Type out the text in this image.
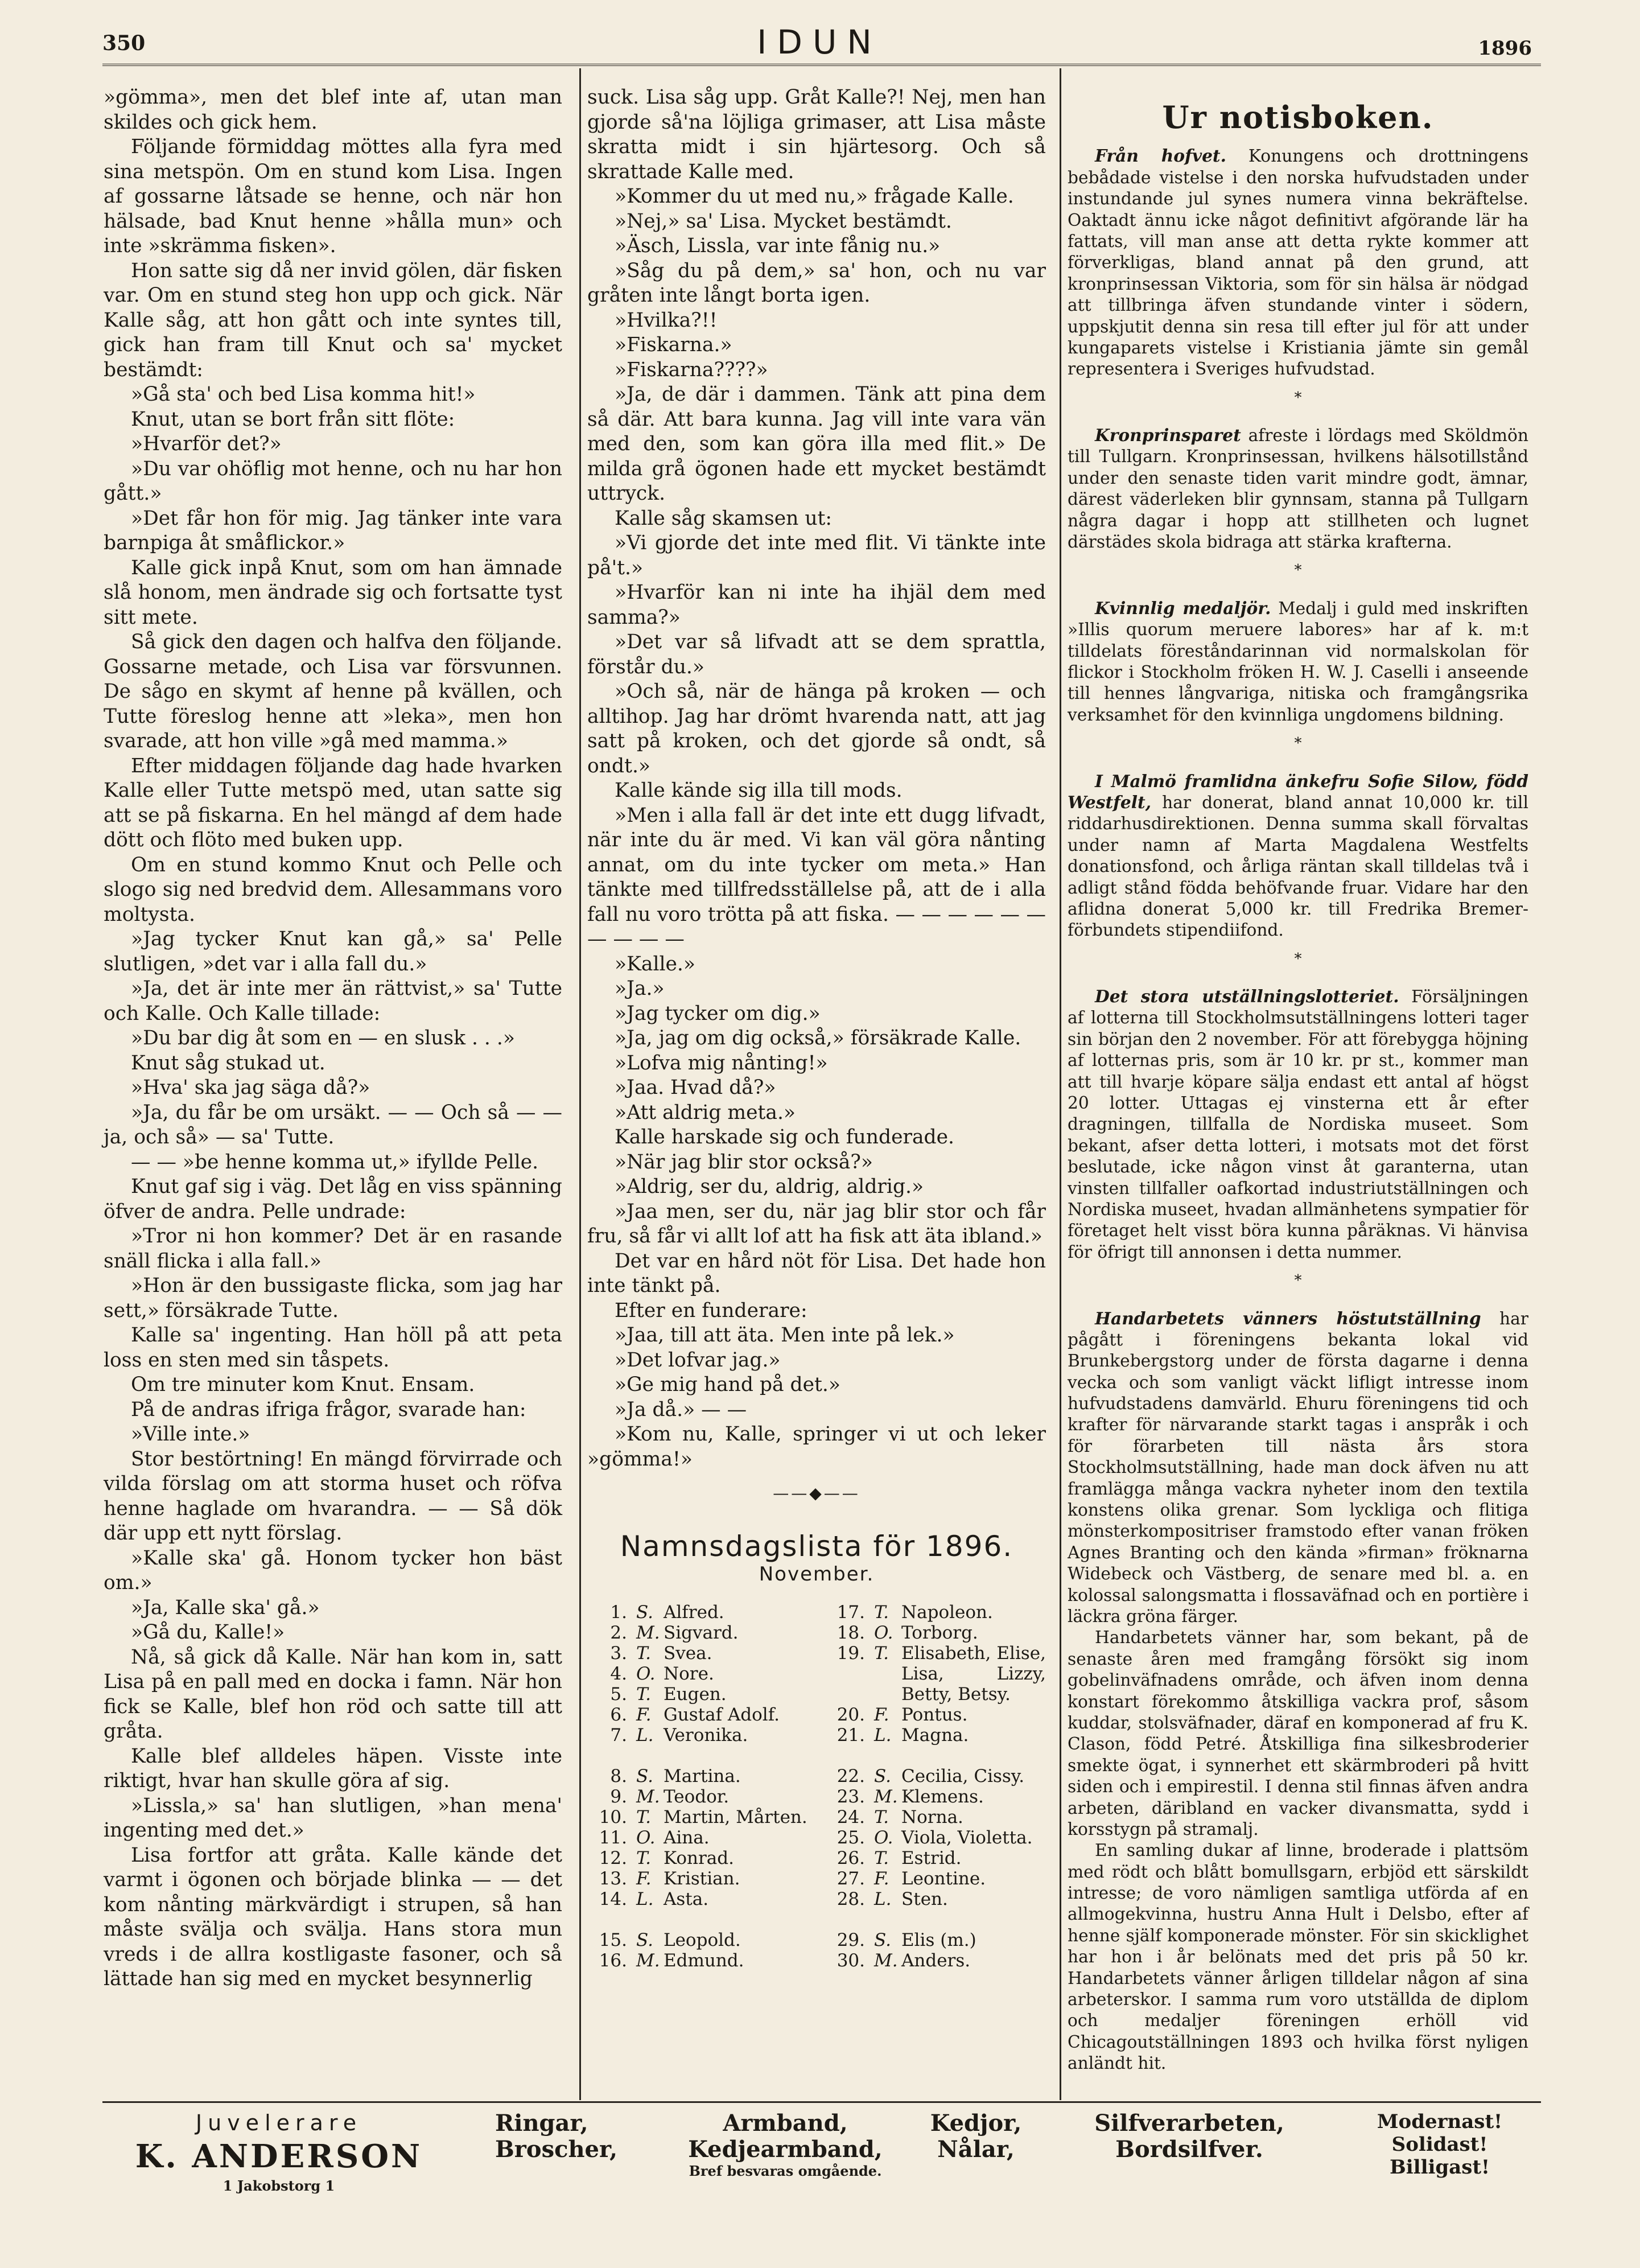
350	IDUN	1896

»gömma», men det blef inte af, utan man skildes och gick hem.

Följande förmiddag möttes alla fyra med sina metspön. Om en stund kom Lisa. Ingen af gossarne låtsade se henne, och när hon hälsade, bad Knut henne »hålla mun» och inte »skrämma fisken».

Hon satte sig då ner invid gölen, där fisken var. Om en stund steg hon upp och gick. När Kalle såg, att hon gått och inte syntes till, gick han fram till Knut och sa' mycket bestämdt:

»Gå sta' och bed Lisa komma hit!»

Knut, utan se bort från sitt flöte:

»Hvarför det?»

»Du var ohöflig mot henne, och nu har hon gått.»

»Det får hon för mig. Jag tänker inte vara barnpiga åt småflickor.»

Kalle gick inpå Knut, som om han ämnade slå honom, men ändrade sig och fortsatte tyst sitt mete.

Så gick den dagen och halfva den följande. Gossarne metade, och Lisa var försvunnen. De sågo en skymt af henne på kvällen, och Tutte föreslog henne att »leka», men hon svarade, att hon ville »gå med mamma.»

Efter middagen följande dag hade hvarken Kalle eller Tutte metspö med, utan satte sig att se på fiskarna. En hel mängd af dem hade dött och flöto med buken upp.

Om en stund kommo Knut och Pelle och slogo sig ned bredvid dem. Allesammans voro moltysta.

»Jag tycker Knut kan gå,» sa' Pelle slutligen, »det var i alla fall du.»

»Ja, det är inte mer än rättvist,» sa' Tutte och Kalle. Och Kalle tillade:

»Du bar dig åt som en — en slusk . . .»

Knut såg stukad ut.

»Hva' ska jag säga då?»

»Ja, du får be om ursäkt. — — Och så — — ja, och så» — sa' Tutte.

— — »be henne komma ut,» ifyllde Pelle.

Knut gaf sig i väg. Det låg en viss spänning öfver de andra. Pelle undrade:

»Tror ni hon kommer? Det är en rasande snäll flicka i alla fall.»

»Hon är den bussigaste flicka, som jag har sett,» försäkrade Tutte.

Kalle sa' ingenting. Han höll på att peta loss en sten med sin tåspets.

Om tre minuter kom Knut. Ensam.

På de andras ifriga frågor, svarade han:

»Ville inte.»

Stor bestörtning! En mängd förvirrade och vilda förslag om att storma huset och röfva henne haglade om hvarandra. — — Så dök där upp ett nytt förslag.

»Kalle ska' gå. Honom tycker hon bäst om.»

»Ja, Kalle ska' gå.»

»Gå du, Kalle!»

Nå, så gick då Kalle. När han kom in, satt Lisa på en pall med en docka i famn. När hon fick se Kalle, blef hon röd och satte till att gråta.

Kalle blef alldeles häpen. Visste inte riktigt, hvar han skulle göra af sig.

»Lissla,» sa' han slutligen, »han mena' ingenting med det.»

Lisa fortfor att gråta. Kalle kände det varmt i ögonen och började blinka — — det kom nånting märkvärdigt i strupen, så han måste svälja och svälja. Hans stora mun vreds i de allra kostligaste fasoner, och så lättade han sig med en mycket besynnerlig

suck. Lisa såg upp. Gråt Kalle?! Nej, men han gjorde så'na löjliga grimaser, att Lisa måste skratta midt i sin hjärtesorg. Och så skrattade Kalle med.

»Kommer du ut med nu,» frågade Kalle.

»Nej,» sa' Lisa. Mycket bestämdt.

»Äsch, Lissla, var inte fånig nu.»

»Såg du på dem,» sa' hon, och nu var gråten inte långt borta igen.

»Hvilka?!!

»Fiskarna.»

»Fiskarna????»

»Ja, de där i dammen. Tänk att pina dem så där. Att bara kunna. Jag vill inte vara vän med den, som kan göra illa med flit.» De milda grå ögonen hade ett mycket bestämdt uttryck.

Kalle såg skamsen ut:

»Vi gjorde det inte med flit. Vi tänkte inte på't.»

»Hvarför kan ni inte ha ihjäl dem med samma?»

»Det var så lifvadt att se dem sprattla, förstår du.»

»Och så, när de hänga på kroken — och alltihop. Jag har drömt hvarenda natt, att jag satt på kroken, och det gjorde så ondt, så ondt.»

Kalle kände sig illa till mods.

»Men i alla fall är det inte ett dugg lifvadt, när inte du är med. Vi kan väl göra nånting annat, om du inte tycker om meta.» Han tänkte med tillfredsställelse på, att de i alla fall nu voro trötta på att fiska. — — — — — — — — — —

»Kalle.»

»Ja.»

»Jag tycker om dig.»

»Ja, jag om dig också,» försäkrade Kalle.

»Lofva mig nånting!»

»Jaa. Hvad då?»

»Att aldrig meta.»

Kalle harskade sig och funderade.

»När jag blir stor också?»

»Aldrig, ser du, aldrig, aldrig.»

»Jaa men, ser du, när jag blir stor och får fru, så får vi allt lof att ha fisk att äta ibland.»

Det var en hård nöt för Lisa. Det hade hon inte tänkt på.

Efter en funderare:

»Jaa, till att äta. Men inte på lek.»

»Det lofvar jag.»

»Ge mig hand på det.»

»Ja då.» — —

»Kom nu, Kalle, springer vi ut och leker »gömma!»

——◆——
Namnsdagslista för 1896.
November.
1. S. Alfred.
2. M. Sigvard.
3. T. Svea.
4. O. Nore.
5. T. Eugen.
6. F. Gustaf Adolf.
7. L. Veronika.
8. S. Martina.
9. M. Teodor.
10. T. Martin, Mårten.
11. O. Aina.
12. T. Konrad.
13. F. Kristian.
14. L. Asta.
15. S. Leopold.
16. M. Edmund.
17. T. Napoleon.
18. O. Torborg.
19. T. Elisabeth, Elise, Lisa, Lizzy, Betty, Betsy.
20. F. Pontus.
21. L. Magna.
22. S. Cecilia, Cissy.
23. M. Klemens.
24. T. Norna.
25. O. Viola, Violetta.
26. T. Estrid.
27. F. Leontine.
28. L. Sten.
29. S. Elis (m.)
30. M. Anders.
Ur notisboken.

Från hofvet. Konungens och drottningens bebådade vistelse i den norska hufvudstaden under instundande jul synes numera vinna bekräftelse. Oaktadt ännu icke något definitivt afgörande lär ha fattats, vill man anse att detta rykte kommer att förverkligas, bland annat på den grund, att kronprinsessan Viktoria, som för sin hälsa är nödgad att tillbringa äfven stundande vinter i södern, uppskjutit denna sin resa till efter jul för att under kungaparets vistelse i Kristiania jämte sin gemål representera i Sveriges hufvudstad.

*

Kronprinsparet afreste i lördags med Sköldmön till Tullgarn. Kronprinsessan, hvilkens hälsotillstånd under den senaste tiden varit mindre godt, ämnar, därest väderleken blir gynnsam, stanna på Tullgarn några dagar i hopp att stillheten och lugnet därstädes skola bidraga att stärka krafterna.

*

Kvinnlig medaljör. Medalj i guld med inskriften »Illis quorum meruere labores» har af k. m:t tilldelats föreståndarinnan vid normalskolan för flickor i Stockholm fröken H. W. J. Caselli i anseende till hennes långvariga, nitiska och framgångsrika verksamhet för den kvinnliga ungdomens bildning.

*

I Malmö framlidna änkefru Sofie Silow, född Westfelt, har donerat, bland annat 10,000 kr. till riddarhusdirektionen. Denna summa skall förvaltas under namn af Marta Magdalena Westfelts donationsfond, och årliga räntan skall tilldelas två i adligt stånd födda behöfvande fruar. Vidare har den aflidna donerat 5,000 kr. till Fredrika Bremer-förbundets stipendiifond.

*

Det stora utställningslotteriet. Försäljningen af lotterna till Stockholmsutställningens lotteri tager sin början den 2 november. För att förebygga höjning af lotternas pris, som är 10 kr. pr st., kommer man att till hvarje köpare sälja endast ett antal af högst 20 lotter. Uttagas ej vinsterna ett år efter dragningen, tillfalla de Nordiska museet. Som bekant, afser detta lotteri, i motsats mot det först beslutade, icke någon vinst åt garanterna, utan vinsten tillfaller oafkortad industriutställningen och Nordiska museet, hvadan allmänhetens sympatier för företaget helt visst böra kunna påräknas. Vi hänvisa för öfrigt till annonsen i detta nummer.

*

Handarbetets vänners höstutställning har pågått i föreningens bekanta lokal vid Brunkebergstorg under de första dagarne i denna vecka och som vanligt väckt lifligt intresse inom hufvudstadens damvärld. Ehuru föreningens tid och krafter för närvarande starkt tagas i anspråk i och för förarbeten till nästa års stora Stockholmsutställning, hade man dock äfven nu att framlägga många vackra nyheter inom den textila konstens olika grenar. Som lyckliga och flitiga mönsterkompositriser framstodo efter vanan fröken Agnes Branting och den kända »firman» fröknarna Widebeck och Västberg, de senare med bl. a. en kolossal salongsmatta i flossaväfnad och en portière i läckra gröna färger.

Handarbetets vänner har, som bekant, på de senaste åren med framgång försökt sig inom gobelinväfnadens område, och äfven inom denna konstart förekommo åtskilliga vackra prof, såsom kuddar, stolsväfnader, däraf en komponerad af fru K. Clason, född Petré. Åtskilliga fina silkesbroderier smekte ögat, i synnerhet ett skärmbroderi på hvitt siden och i empirestil. I denna stil finnas äfven andra arbeten, däribland en vacker divansmatta, sydd i korsstygn på stramalj.

En samling dukar af linne, broderade i plattsöm med rödt och blått bomullsgarn, erbjöd ett särskildt intresse; de voro nämligen samtliga utförda af en allmogekvinna, hustru Anna Hult i Delsbo, efter af henne själf komponerade mönster. För sin skicklighet har hon i år belönats med det pris på 50 kr. Handarbetets vänner årligen tilldelar någon af sina arbeterskor. I samma rum voro utställda de diplom och medaljer föreningen erhöll vid Chicagoutställningen 1893 och hvilka först nyligen anländt hit.

Juvelerare
K. ANDERSON
1 Jakobstorg 1
Ringar,
Broscher,
Armband,
Kedjearmband,
Bref besvaras omgående.
Kedjor,
Nålar,
Silfverarbeten,
Bordsilfver.
Modernast!
Solidast!
Billigast!
